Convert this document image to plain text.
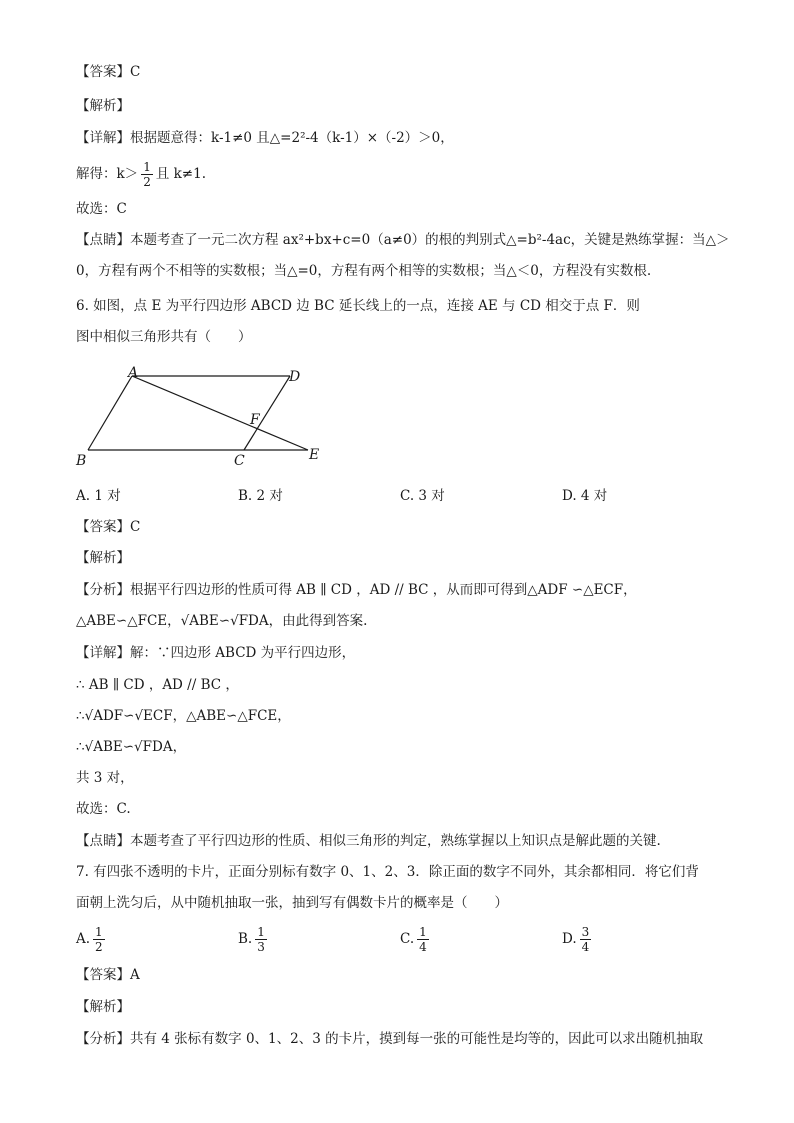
【答案】C
【解析】
【详解】根据题意得：k-1≠0 且△=2²-4（k-1）×（-2）＞0，
解得：$k> \frac{1}{2}$ 且 k≠1.
故选：C
【点睛】本题考查了一元二次方程 ax²+bx+c=0（a≠0）的根的判别式△=b²-4ac，关键是熟练掌握：当△＞
0，方程有两个不相等的实数根；当△=0，方程有两个相等的实数根；当△＜0，方程没有实数根.
6. 如图，点 E 为平行四边形 ABCD 边 BC 延长线上的一点，连接 AE 与 CD 相交于点 F．则
图中相似三角形共有（　　）
A	D
F
B	C	E
A. 1 对	B. 2 对	C. 3 对	D. 4 对
【答案】C
【解析】
【分析】根据平行四边形的性质可得 AB ∥ CD ，AD // BC ，从而即可得到△ADF ∽△ECF，
△ABE∽△FCE，√ABE∽√FDA，由此得到答案.
【详解】解：∵四边形 ABCD 为平行四边形，
∴ AB ∥ CD ，AD // BC ，
∴√ADF∽√ECF，△ABE∽△FCE，
∴√ABE∽√FDA，
共 3 对，
故选：C.
【点睛】本题考查了平行四边形的性质、相似三角形的判定，熟练掌握以上知识点是解此题的关键.
7. 有四张不透明的卡片，正面分别标有数字 0、1、2、3．除正面的数字不同外，其余都相同．将它们背
面朝上洗匀后，从中随机抽取一张，抽到写有偶数卡片的概率是（　　）
A. $\frac{1}{2}$	B. $\frac{1}{3}$	C. $\frac{1}{4}$	D. $\frac{3}{4}$
【答案】A
【解析】
【分析】共有 4 张标有数字 0、1、2、3 的卡片，摸到每一张的可能性是均等的，因此可以求出随机抽取
